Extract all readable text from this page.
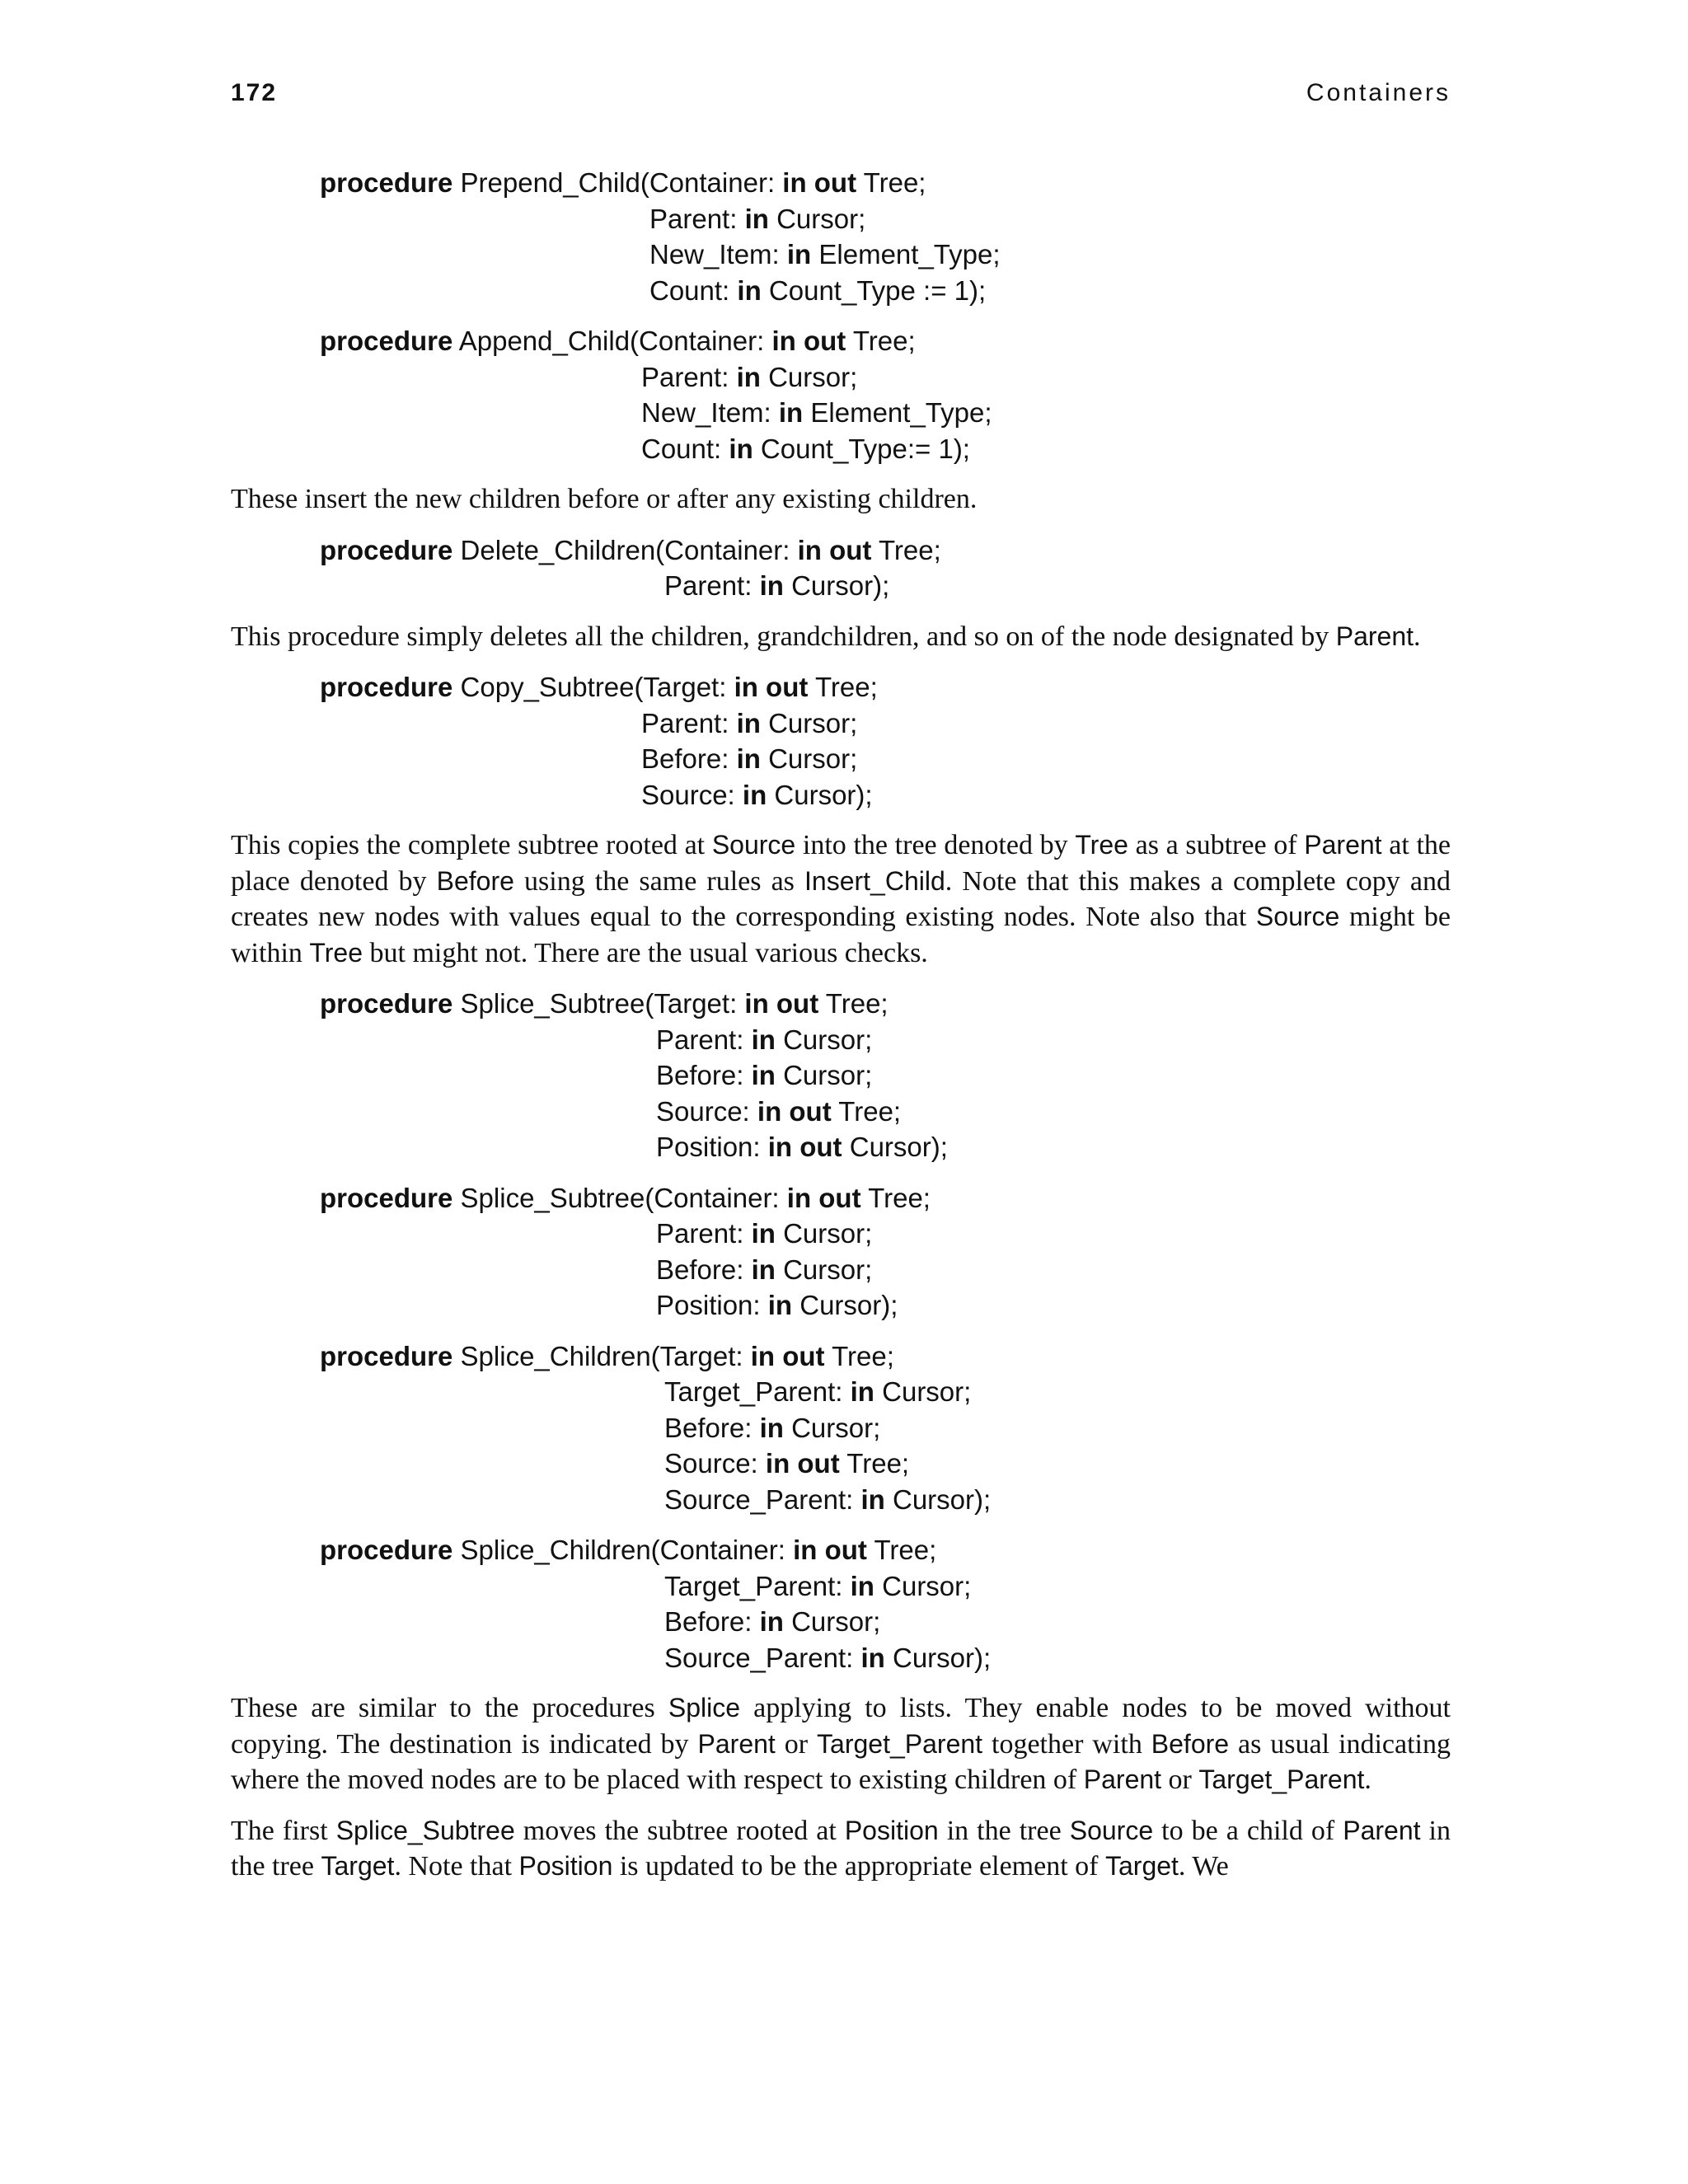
172	Containers
procedure Prepend_Child(Container: in out Tree;
Parent: in Cursor;
New_Item: in Element_Type;
Count: in Count_Type := 1);
procedure Append_Child(Container: in out Tree;
Parent: in Cursor;
New_Item: in Element_Type;
Count: in Count_Type:= 1);

These insert the new children before or after any existing children.

procedure Delete_Children(Container: in out Tree;
Parent: in Cursor);

This procedure simply deletes all the children, grandchildren, and so on of the node designated by Parent.

procedure Copy_Subtree(Target: in out Tree;
Parent: in Cursor;
Before: in Cursor;
Source: in Cursor);

This copies the complete subtree rooted at Source into the tree denoted by Tree as a subtree of Parent at the place denoted by Before using the same rules as Insert_Child. Note that this makes a complete copy and creates new nodes with values equal to the corresponding existing nodes. Note also that Source might be within Tree but might not. There are the usual various checks.

procedure Splice_Subtree(Target: in out Tree;
Parent: in Cursor;
Before: in Cursor;
Source: in out Tree;
Position: in out Cursor);
procedure Splice_Subtree(Container: in out Tree;
Parent: in Cursor;
Before: in Cursor;
Position: in Cursor);
procedure Splice_Children(Target: in out Tree;
Target_Parent: in Cursor;
Before: in Cursor;
Source: in out Tree;
Source_Parent: in Cursor);
procedure Splice_Children(Container: in out Tree;
Target_Parent: in Cursor;
Before: in Cursor;
Source_Parent: in Cursor);

These are similar to the procedures Splice applying to lists. They enable nodes to be moved without copying. The destination is indicated by Parent or Target_Parent together with Before as usual indicating where the moved nodes are to be placed with respect to existing children of Parent or Target_Parent.

The first Splice_Subtree moves the subtree rooted at Position in the tree Source to be a child of Parent in the tree Target. Note that Position is updated to be the appropriate element of Target. We
